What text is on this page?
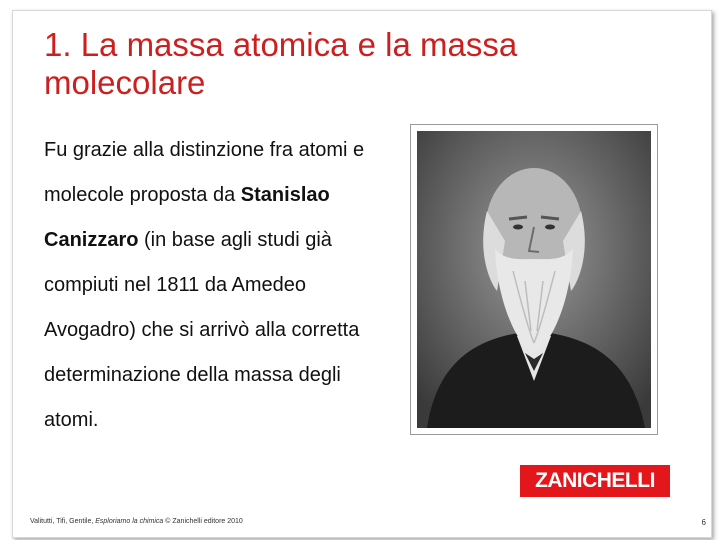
1. La massa atomica e la massa molecolare
Fu grazie alla distinzione fra atomi e molecole proposta da Stanislao Canizzaro (in base agli studi già compiuti nel 1811 da Amedeo Avogadro) che si arrivò alla corretta determinazione della massa degli atomi.
ZANICHELLI
Valitutti, Tifi, Gentile, Esploriamo la chimica © Zanichelli editore 2010	6
